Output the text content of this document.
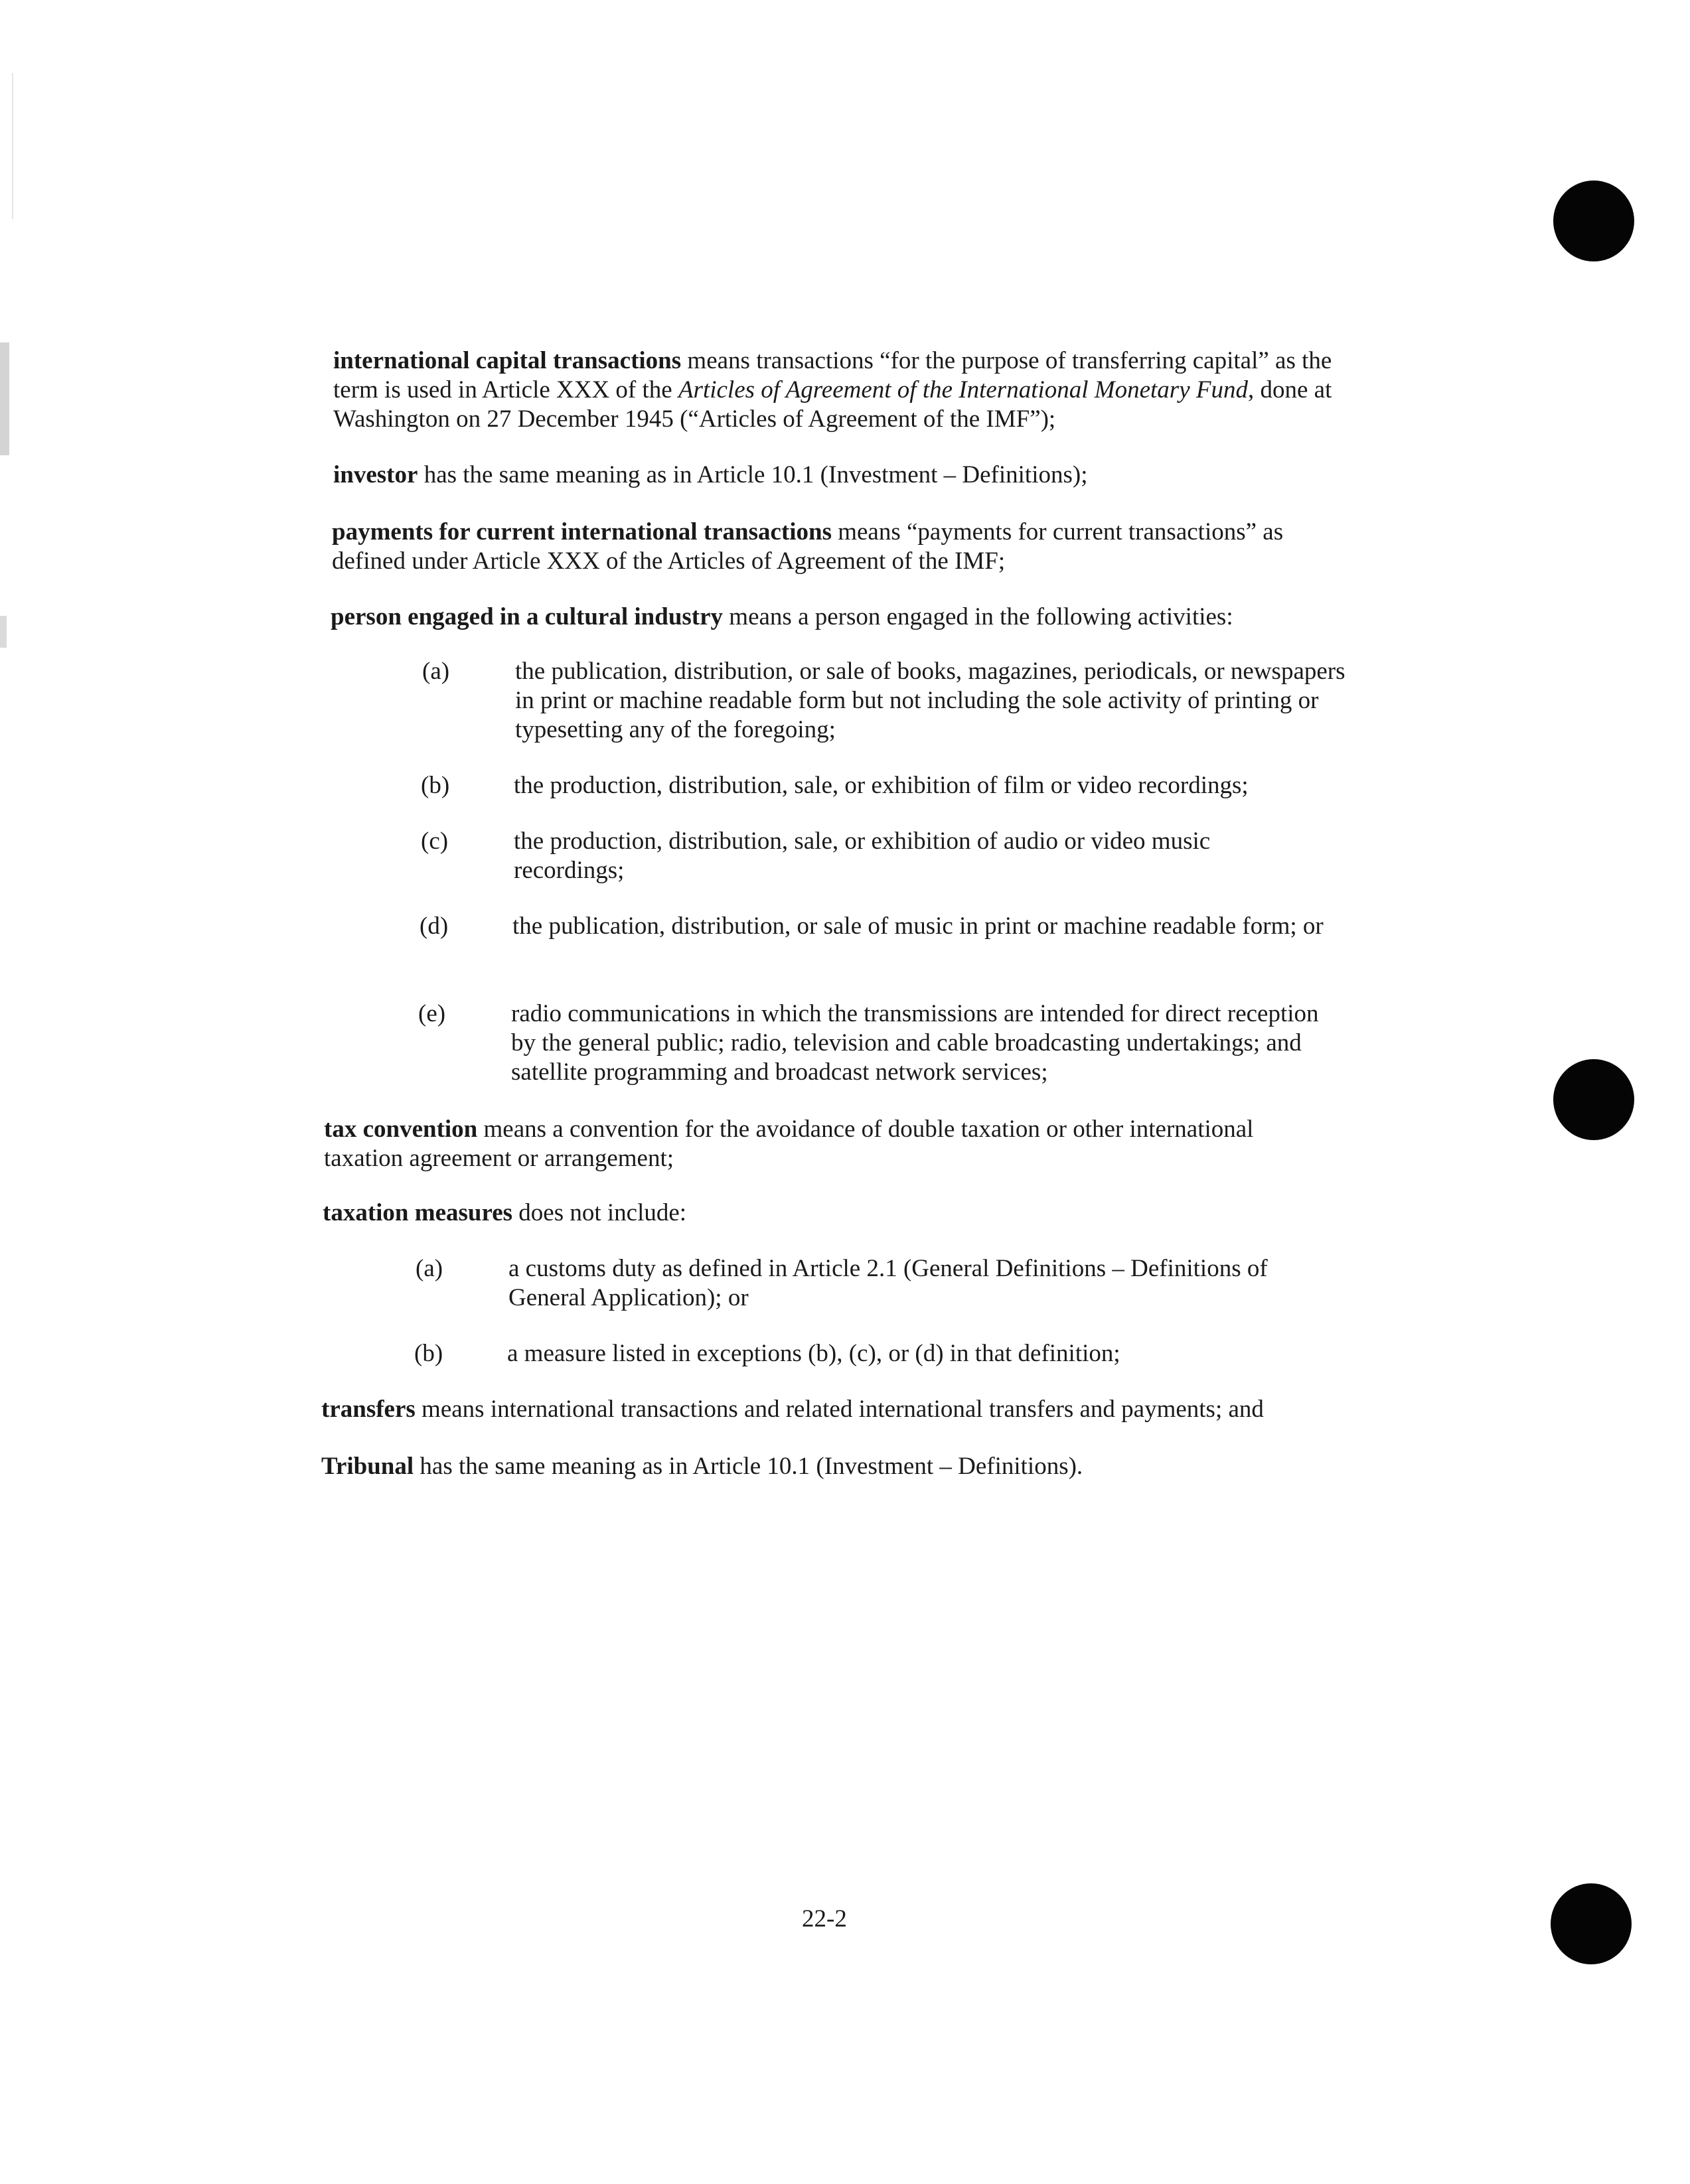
international capital transactions means transactions “for the purpose of transferring capital” as the term is used in Article XXX of the Articles of Agreement of the International Monetary Fund, done at Washington on 27 December 1945 (“Articles of Agreement of the IMF”);

investor has the same meaning as in Article 10.1 (Investment – Definitions);

payments for current international transactions means “payments for current transactions” as defined under Article XXX of the Articles of Agreement of the IMF;

person engaged in a cultural industry means a person engaged in the following activities:

(a)	the publication, distribution, or sale of books, magazines, periodicals, or newspapers in print or machine readable form but not including the sole activity of printing or typesetting any of the foregoing;
(b)	the production, distribution, sale, or exhibition of film or video recordings;
(c)	the production, distribution, sale, or exhibition of audio or video music recordings;
(d)	the publication, distribution, or sale of music in print or machine readable form; or
(e)	radio communications in which the transmissions are intended for direct reception by the general public; radio, television and cable broadcasting undertakings; and satellite programming and broadcast network services;

tax convention means a convention for the avoidance of double taxation or other international taxation agreement or arrangement;

taxation measures does not include:

(a)	a customs duty as defined in Article 2.1 (General Definitions – Definitions of General Application); or
(b)	a measure listed in exceptions (b), (c), or (d) in that definition;

transfers means international transactions and related international transfers and payments; and

Tribunal has the same meaning as in Article 10.1 (Investment – Definitions).

22-2
